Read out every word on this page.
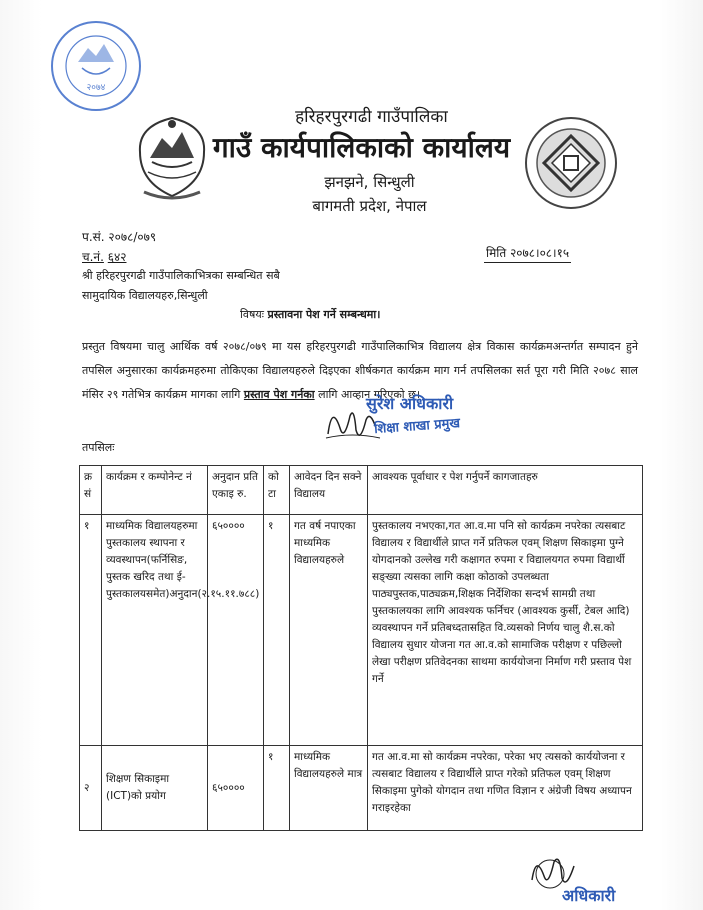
२०७४
हरिहरपुरगढी गाउँपालिका
गाउँ कार्यपालिकाको कार्यालय
झनझने, सिन्धुली
बागमती प्रदेश, नेपाल
प.सं. २०७८/०७९
च.नं. ६४२	मिति २०७८।०८।१५
श्री हरिहरपुरगढी गाउँपालिकाभित्रका सम्बन्धित सबै
सामुदायिक विद्यालयहरु,सिन्धुली
विषयः प्रस्तावना पेश गर्ने सम्बन्धमा।
प्रस्तुत विषयमा चालु आर्थिक वर्ष २०७८/०७९ मा यस हरिहरपुरगढी गाउँपालिकाभित्र विद्यालय क्षेत्र विकास कार्यक्रमअन्तर्गत सम्पादन हुने तपसिल अनुसारका कार्यक्रमहरुमा तोकिएका विद्यालयहरुले दिइएका शीर्षकगत कार्यक्रम माग गर्न तपसिलका सर्त पूरा गरी मिति २०७८ साल मंसिर २९ गतेभित्र कार्यक्रम मागका लागि प्रस्ताव पेश गर्नका लागि आव्हान गरिएको छ।
सुरेश अधिकारी
शिक्षा शाखा प्रमुख
तपसिलः
क्र सं	कार्यक्रम र कम्पोनेन्ट नं	अनुदान प्रति एकाइ रु.	को टा	आवेदन दिन सक्ने विद्यालय	आवश्यक पूर्वाधार र पेश गर्नुपर्ने कागजातहरु
१	माध्यमिक विद्यालयहरुमा पुस्तकालय स्थापना र व्यवस्थापन(फर्निसिङ, पुस्तक खरिद तथा ई-पुस्तकालयसमेत)अनुदान(२.१५.११.७८८)	६५००००	१	गत वर्ष नपाएका माध्यमिक विद्यालयहरुले	पुस्तकालय नभएका,गत आ.व.मा पनि सो कार्यक्रम नपरेका त्यसबाट विद्यालय र विद्यार्थीले प्राप्त गर्ने प्रतिफल एवम् शिक्षण सिकाइमा पुग्ने योगदानको उल्लेख गरी कक्षागत रुपमा र विद्यालयगत रुपमा विद्यार्थी सङ्ख्या त्यसका लागि कक्षा कोठाको उपलब्धता पाठ्यपुस्तक,पाठ्यक्रम,शिक्षक निर्देशिका सन्दर्भ सामग्री तथा पुस्तकालयका लागि आवश्यक फर्निचर (आवश्यक कुर्सी, टेबल आदि) व्यवस्थापन गर्ने प्रतिबध्दतासहित वि.व्यसको निर्णय चालु शै.स.को विद्यालय सुधार योजना गत आ.व.को सामाजिक परीक्षण र पछिल्लो लेखा परीक्षण प्रतिवेदनका साथमा कार्ययोजना निर्माण गरी प्रस्ताव पेश गर्ने
२	शिक्षण सिकाइमा (ICT)को प्रयोग	६५००००	१	माध्यमिक विद्यालयहरुले मात्र	गत आ.व.मा सो कार्यक्रम नपरेका, परेका भए त्यसको कार्ययोजना र त्यसबाट विद्यालय र विद्यार्थीले प्राप्त गरेको प्रतिफल एवम् शिक्षण सिकाइमा पुगेको योगदान तथा गणित विज्ञान र अंग्रेजी विषय अध्यापन गराइरहेका
अधिकारी
